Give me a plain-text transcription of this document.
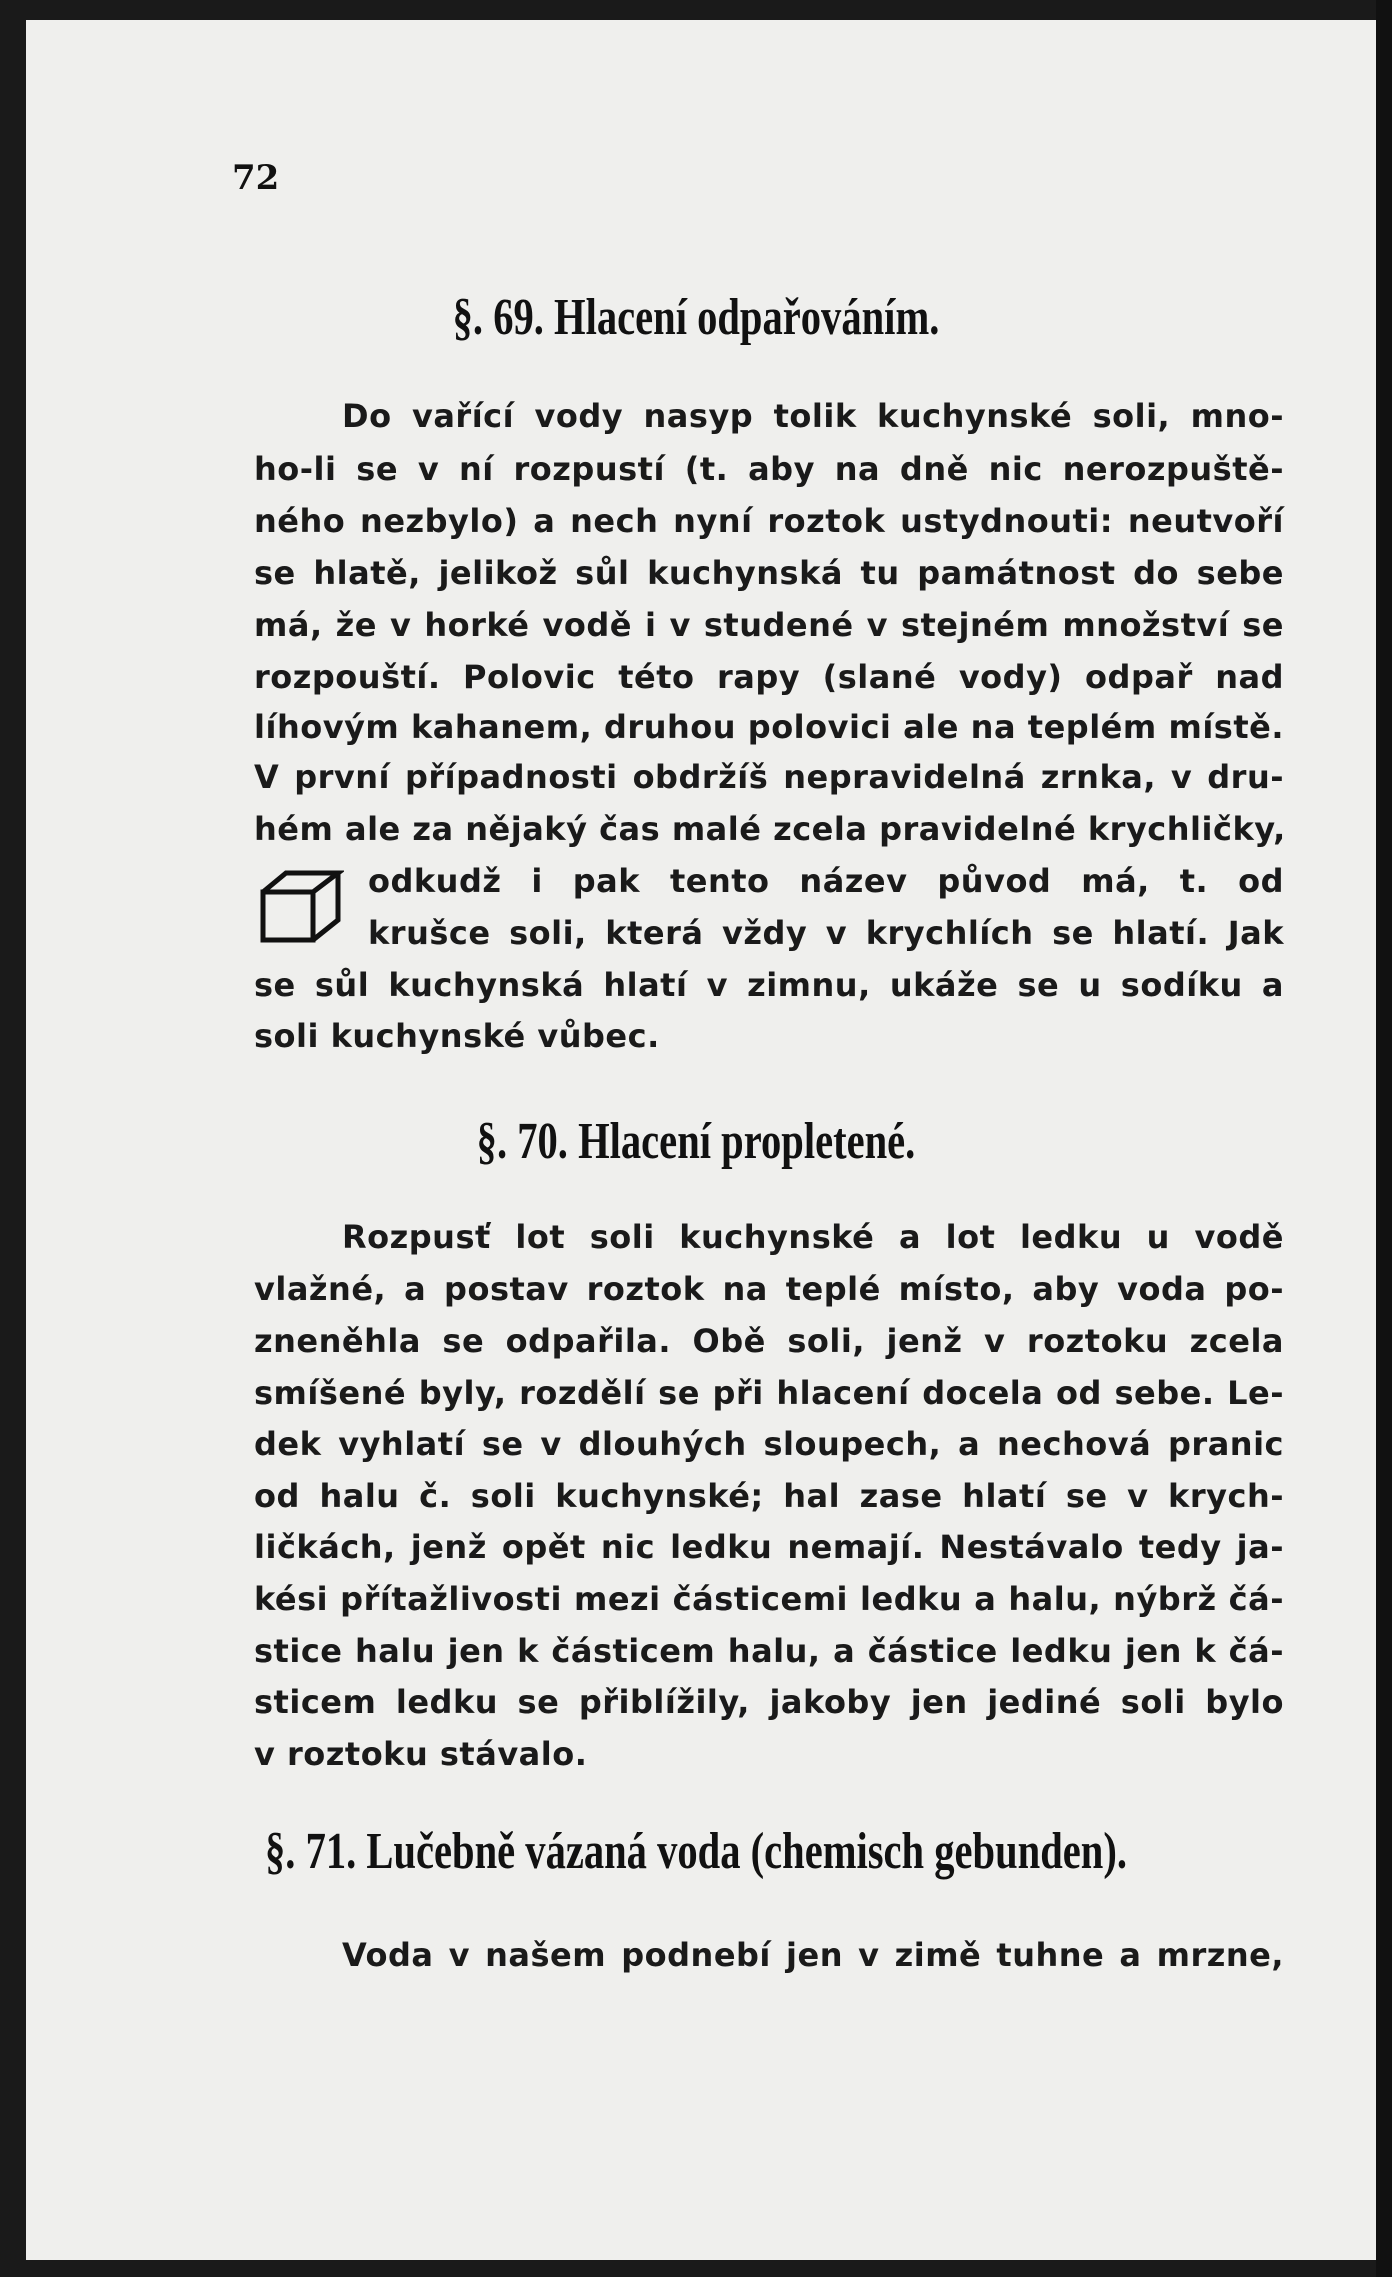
72
§. 69. Hlacení odpařováním.
Do vařící vody nasyp tolik kuchynské soli, mno-
ho-li se v ní rozpustí (t. aby na dně nic nerozpuště-
ného nezbylo) a nech nyní roztok ustydnouti: neutvoří
se hlatě, jelikož sůl kuchynská tu památnost do sebe
má, že v horké vodě i v studené v stejném množství se
rozpouští. Polovic této rapy (slané vody) odpař nad
líhovým kahanem, druhou polovici ale na teplém místě.
V první případnosti obdržíš nepravidelná zrnka, v dru-
hém ale za nějaký čas malé zcela pravidelné krychličky,
odkudž i pak tento název původ má, t. od
krušce soli, která vždy v krychlích se hlatí. Jak
se sůl kuchynská hlatí v zimnu, ukáže se u sodíku a
soli kuchynské vůbec.
§. 70. Hlacení propletené.
Rozpusť lot soli kuchynské a lot ledku u vodě
vlažné, a postav roztok na teplé místo, aby voda po-
zneněhla se odpařila. Obě soli, jenž v roztoku zcela
smíšené byly, rozdělí se při hlacení docela od sebe. Le-
dek vyhlatí se v dlouhých sloupech, a nechová pranic
od halu č. soli kuchynské; hal zase hlatí se v krych-
ličkách, jenž opět nic ledku nemají. Nestávalo tedy ja-
kési přítažlivosti mezi částicemi ledku a halu, nýbrž čá-
stice halu jen k částicem halu, a částice ledku jen k čá-
sticem ledku se přiblížily, jakoby jen jediné soli bylo
v roztoku stávalo.
§. 71. Lučebně vázaná voda (chemisch gebunden).
Voda v našem podnebí jen v zimě tuhne a mrzne,
